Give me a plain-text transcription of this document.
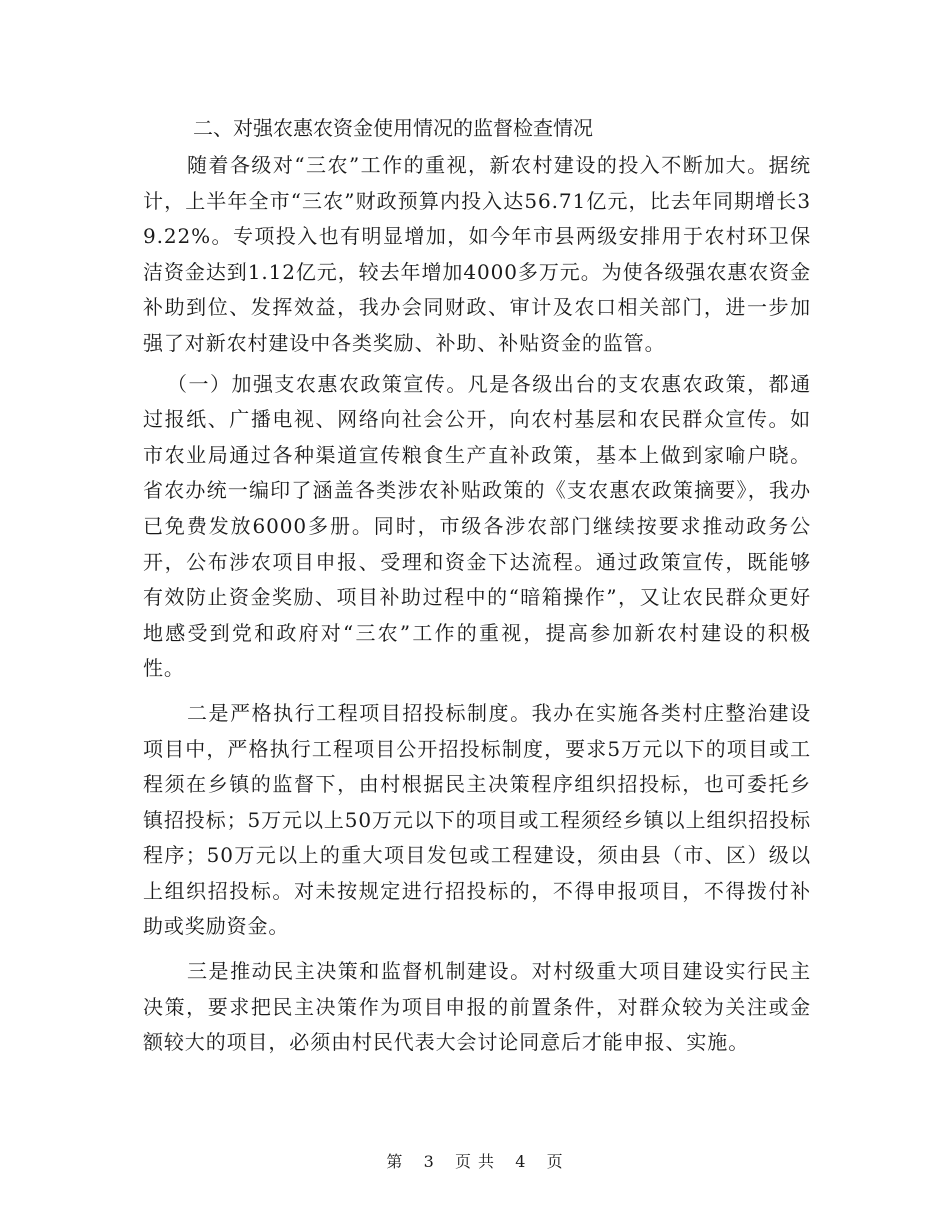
二、对强农惠农资金使用情况的监督检查情况

随着各级对“三农”工作的重视，新农村建设的投入不断加大。据统计，上半年全市“三农”财政预算内投入达56.71亿元，比去年同期增长39.22%。专项投入也有明显增加，如今年市县两级安排用于农村环卫保洁资金达到1.12亿元，较去年增加4000多万元。为使各级强农惠农资金补助到位、发挥效益，我办会同财政、审计及农口相关部门，进一步加强了对新农村建设中各类奖励、补助、补贴资金的监管。

（一）加强支农惠农政策宣传。凡是各级出台的支农惠农政策，都通过报纸、广播电视、网络向社会公开，向农村基层和农民群众宣传。如市农业局通过各种渠道宣传粮食生产直补政策，基本上做到家喻户晓。省农办统一编印了涵盖各类涉农补贴政策的《支农惠农政策摘要》，我办已免费发放6000多册。同时，市级各涉农部门继续按要求推动政务公开，公布涉农项目申报、受理和资金下达流程。通过政策宣传，既能够有效防止资金奖励、项目补助过程中的“暗箱操作”，又让农民群众更好地感受到党和政府对“三农”工作的重视，提高参加新农村建设的积极性。

二是严格执行工程项目招投标制度。我办在实施各类村庄整治建设项目中，严格执行工程项目公开招投标制度，要求5万元以下的项目或工程须在乡镇的监督下，由村根据民主决策程序组织招投标，也可委托乡镇招投标；5万元以上50万元以下的项目或工程须经乡镇以上组织招投标程序；50万元以上的重大项目发包或工程建设，须由县（市、区）级以上组织招投标。对未按规定进行招投标的，不得申报项目，不得拨付补助或奖励资金。

三是推动民主决策和监督机制建设。对村级重大项目建设实行民主决策，要求把民主决策作为项目申报的前置条件，对群众较为关注或金额较大的项目，必须由村民代表大会讨论同意后才能申报、实施。

第 3 页 共 4 页
